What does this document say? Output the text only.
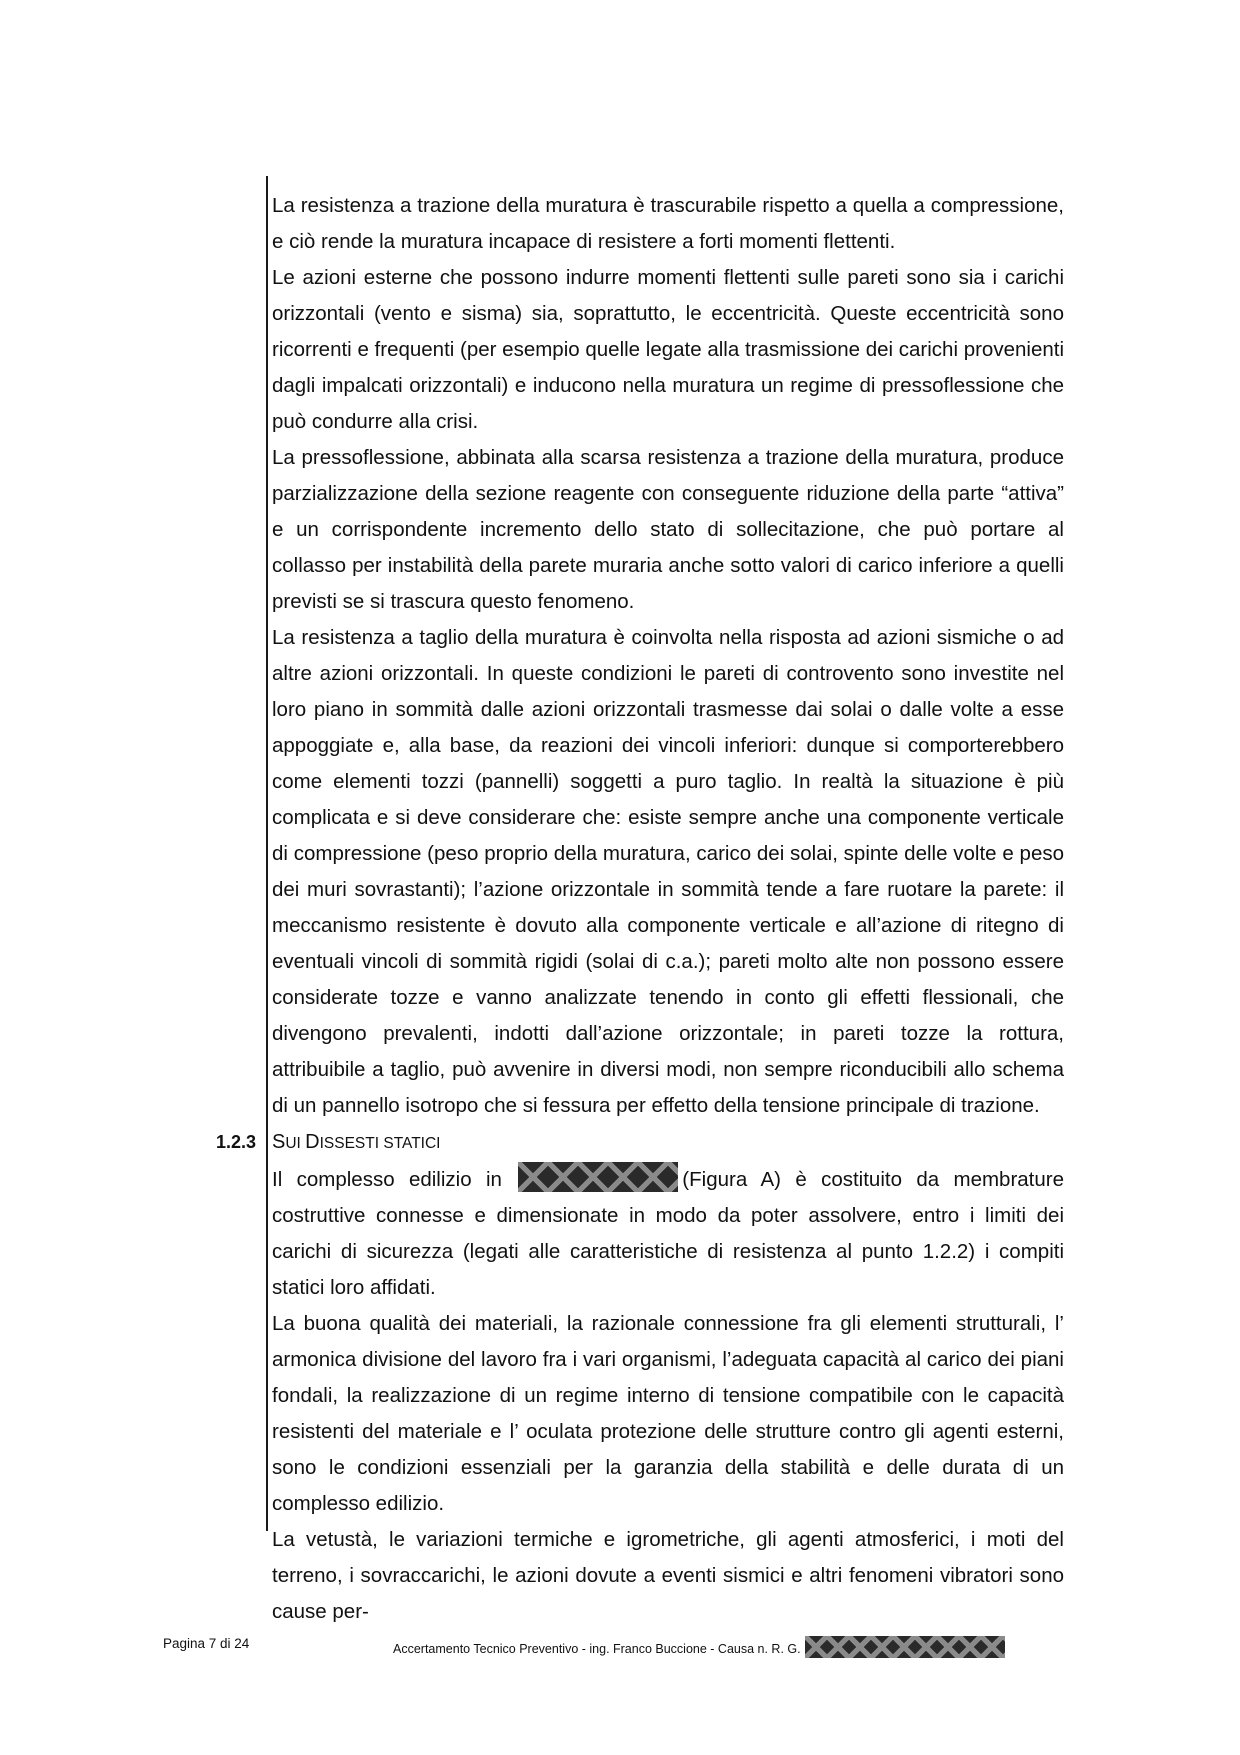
La resistenza a trazione della muratura è trascurabile rispetto a quella a compressione, e ciò rende la muratura incapace di resistere a forti momenti flettenti.

Le azioni esterne che possono indurre momenti flettenti sulle pareti sono sia i carichi orizzontali (vento e sisma) sia, soprattutto, le eccentricità. Queste eccentricità sono ricorrenti e frequenti (per esempio quelle legate alla trasmissione dei carichi provenienti dagli impalcati orizzontali) e inducono nella muratura un regime di pressoflessione che può condurre alla crisi.

La pressoflessione, abbinata alla scarsa resistenza a trazione della muratura, produce parzializzazione della sezione reagente con conseguente riduzione della parte “attiva” e un corrispondente incremento dello stato di sollecitazione, che può portare al collasso per instabilità della parete muraria anche sotto valori di carico inferiore a quelli previsti se si trascura questo fenomeno.

La resistenza a taglio della muratura è coinvolta nella risposta ad azioni sismiche o ad altre azioni orizzontali. In queste condizioni le pareti di controvento sono investite nel loro piano in sommità dalle azioni orizzontali trasmesse dai solai o dalle volte a esse appoggiate e, alla base, da reazioni dei vincoli inferiori: dunque si comporterebbero come elementi tozzi (pannelli) soggetti a puro taglio. In realtà la situazione è più complicata e si deve considerare che: esiste sempre anche una componente verticale di compressione (peso proprio della muratura, carico dei solai, spinte delle volte e peso dei muri sovrastanti); l’azione orizzontale in sommità tende a fare ruotare la parete: il meccanismo resistente è dovuto alla componente verticale e all’azione di ritegno di eventuali vincoli di sommità rigidi (solai di c.a.); pareti molto alte non possono essere considerate tozze e vanno analizzate tenendo in conto gli effetti flessionali, che divengono prevalenti, indotti dall’azione orizzontale; in pareti tozze la rottura, attribuibile a taglio, può avvenire in diversi modi, non sempre riconducibili allo schema di un pannello isotropo che si fessura per effetto della tensione principale di trazione.

1.2.3 SUI DISSESTI STATICI

Il complesso edilizio in	(Figura A) è costituito da membrature costruttive connesse e dimensionate in modo da poter assolvere, entro i limiti dei carichi di sicurezza (legati alle caratteristiche di resistenza al punto 1.2.2) i compiti statici loro affidati.

La buona qualità dei materiali, la razionale connessione fra gli elementi strutturali, l’ armonica divisione del lavoro fra i vari organismi, l’adeguata capacità al carico dei piani fondali, la realizzazione di un regime interno di tensione compatibile con le capacità resistenti del materiale e l’ oculata protezione delle strutture contro gli agenti esterni, sono le condizioni essenziali per la garanzia della stabilità e delle durata di un complesso edilizio.

La vetustà, le variazioni termiche e igrometriche, gli agenti atmosferici, i moti del terreno, i sovraccarichi, le azioni dovute a eventi sismici e altri fenomeni vibratori sono cause per-

Pagina 7 di 24	Accertamento Tecnico Preventivo - ing. Franco Buccione - Causa n. R. G.
